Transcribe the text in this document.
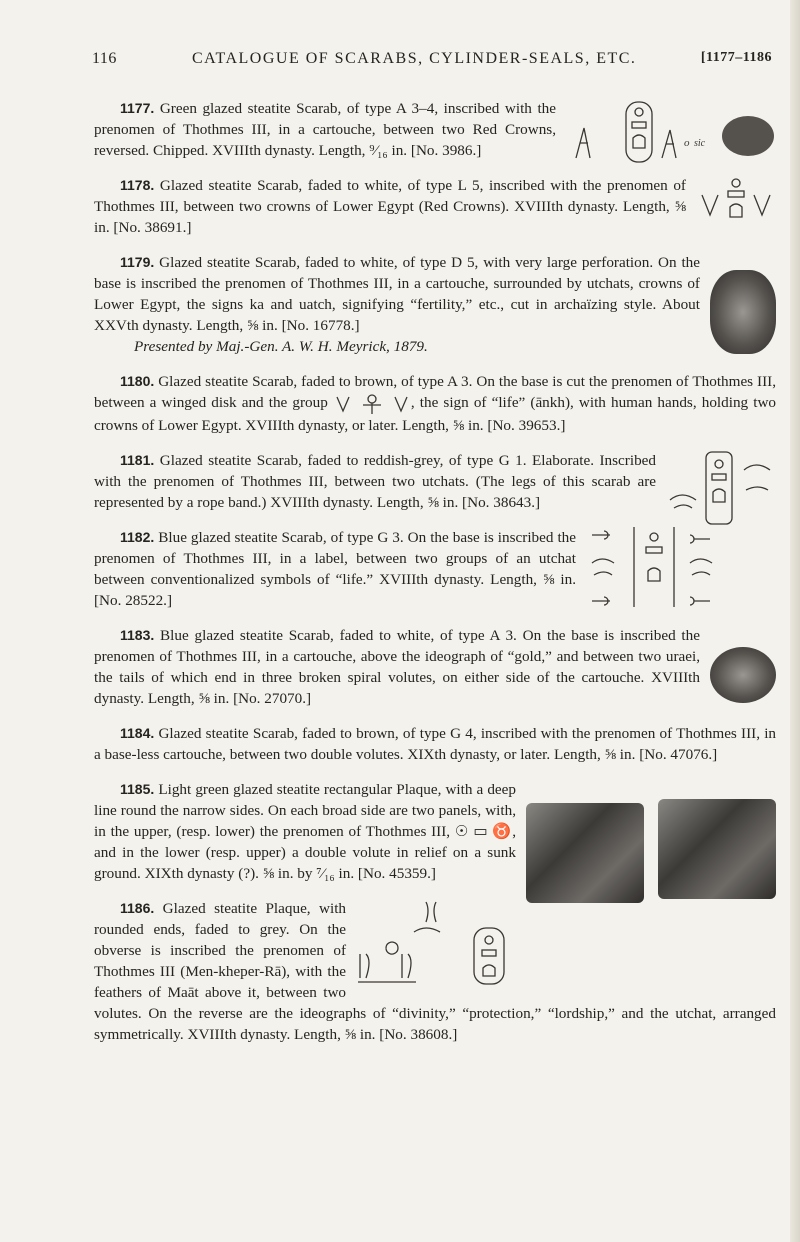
116	CATALOGUE OF SCARABS, CYLINDER-SEALS, ETC.	[1177–1186
o sic
1177. Green glazed steatite Scarab, of type A 3–4, inscribed with the prenomen of Thothmes III, in a cartouche, between two Red Crowns, reversed. Chipped. XVIIIth dynasty. Length, ⁹⁄₁₆ in. [No. 3986.]
1178. Glazed steatite Scarab, faded to white, of type L 5, inscribed with the prenomen of Thothmes III, between two crowns of Lower Egypt (Red Crowns). XVIIIth dynasty. Length, ⅝ in. [No. 38691.]
1179. Glazed steatite Scarab, faded to white, of type D 5, with very large perforation. On the base is inscribed the prenomen of Thothmes III, in a cartouche, surrounded by utchats, crowns of Lower Egypt, the signs ka and uatch, signifying “fertility,” etc., cut in archaïzing style. About XXVth dynasty. Length, ⅝ in. [No. 16778.]
Presented by Maj.-Gen. A. W. H. Meyrick, 1879.
1180. Glazed steatite Scarab, faded to brown, of type A 3. On the base is cut the prenomen of Thothmes III, between a winged disk and the group	, the sign of “life” (ānkh), with human hands, holding two crowns of Lower Egypt. XVIIIth dynasty, or later. Length, ⅝ in. [No. 39653.]
1181. Glazed steatite Scarab, faded to reddish-grey, of type G 1. Elaborate. Inscribed with the prenomen of Thothmes III, between two utchats. (The legs of this scarab are represented by a rope band.) XVIIIth dynasty. Length, ⅝ in. [No. 38643.]
1182. Blue glazed steatite Scarab, of type G 3. On the base is inscribed the prenomen of Thothmes III, in a label, between two groups of an utchat between conventionalized symbols of “life.” XVIIIth dynasty. Length, ⅝ in. [No. 28522.]
1183. Blue glazed steatite Scarab, faded to white, of type A 3. On the base is inscribed the prenomen of Thothmes III, in a cartouche, above the ideograph of “gold,” and between two uraei, the tails of which end in three broken spiral volutes, on either side of the cartouche. XVIIIth dynasty. Length, ⅝ in. [No. 27070.]
1184. Glazed steatite Scarab, faded to brown, of type G 4, inscribed with the prenomen of Thothmes III, in a base-less cartouche, between two double volutes. XIXth dynasty, or later. Length, ⅝ in. [No. 47076.]
1185. Light green glazed steatite rectangular Plaque, with a deep line round the narrow sides. On each broad side are two panels, with, in the upper, (resp. lower) the prenomen of Thothmes III, ☉ ▭ ♉, and in the lower (resp. upper) a double volute in relief on a sunk ground. XIXth dynasty (?). ⅝ in. by ⁷⁄₁₆ in. [No. 45359.]
1186. Glazed steatite Plaque, with rounded ends, faded to grey. On the obverse is inscribed the prenomen of Thothmes III (Men-kheper-Rā), with the feathers of Maāt above it, between two volutes. On the reverse are the ideographs of “divinity,” “protection,” “lordship,” and the utchat, arranged symmetrically. XVIIIth dynasty. Length, ⅝ in. [No. 38608.]
